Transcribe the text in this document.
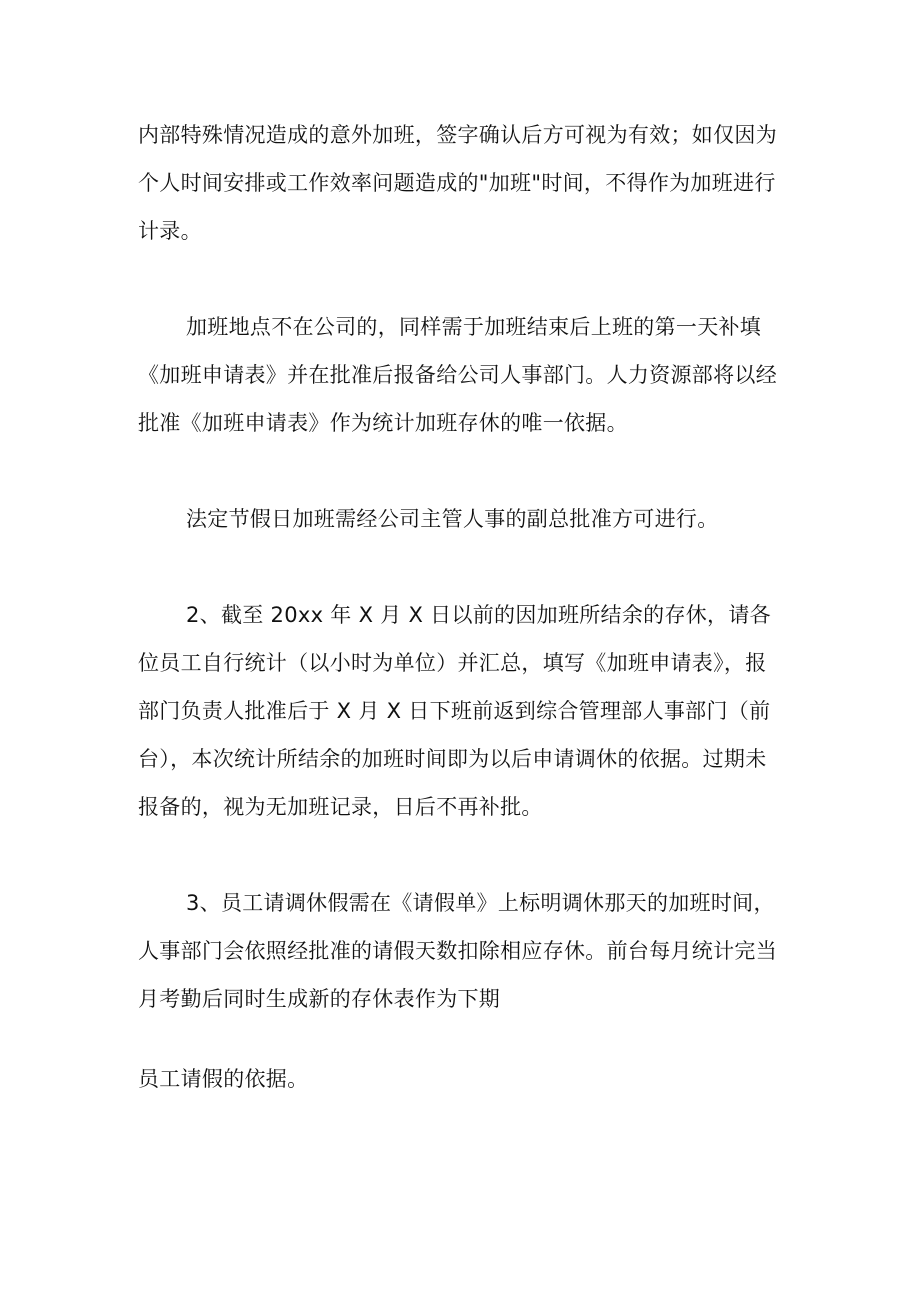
内部特殊情况造成的意外加班，签字确认后方可视为有效；如仅因为
个人时间安排或工作效率问题造成的"加班"时间，不得作为加班进行
计录。
加班地点不在公司的，同样需于加班结束后上班的第一天补填
《加班申请表》并在批准后报备给公司人事部门。人力资源部将以经
批准《加班申请表》作为统计加班存休的唯一依据。
法定节假日加班需经公司主管人事的副总批准方可进行。
2、截至 20xx 年 X 月 X 日以前的因加班所结余的存休，请各
位员工自行统计（以小时为单位）并汇总，填写《加班申请表》，报
部门负责人批准后于 X 月 X 日下班前返到综合管理部人事部门（前
台），本次统计所结余的加班时间即为以后申请调休的依据。过期未
报备的，视为无加班记录，日后不再补批。
3、员工请调休假需在《请假单》上标明调休那天的加班时间，
人事部门会依照经批准的请假天数扣除相应存休。前台每月统计完当
月考勤后同时生成新的存休表作为下期
员工请假的依据。
